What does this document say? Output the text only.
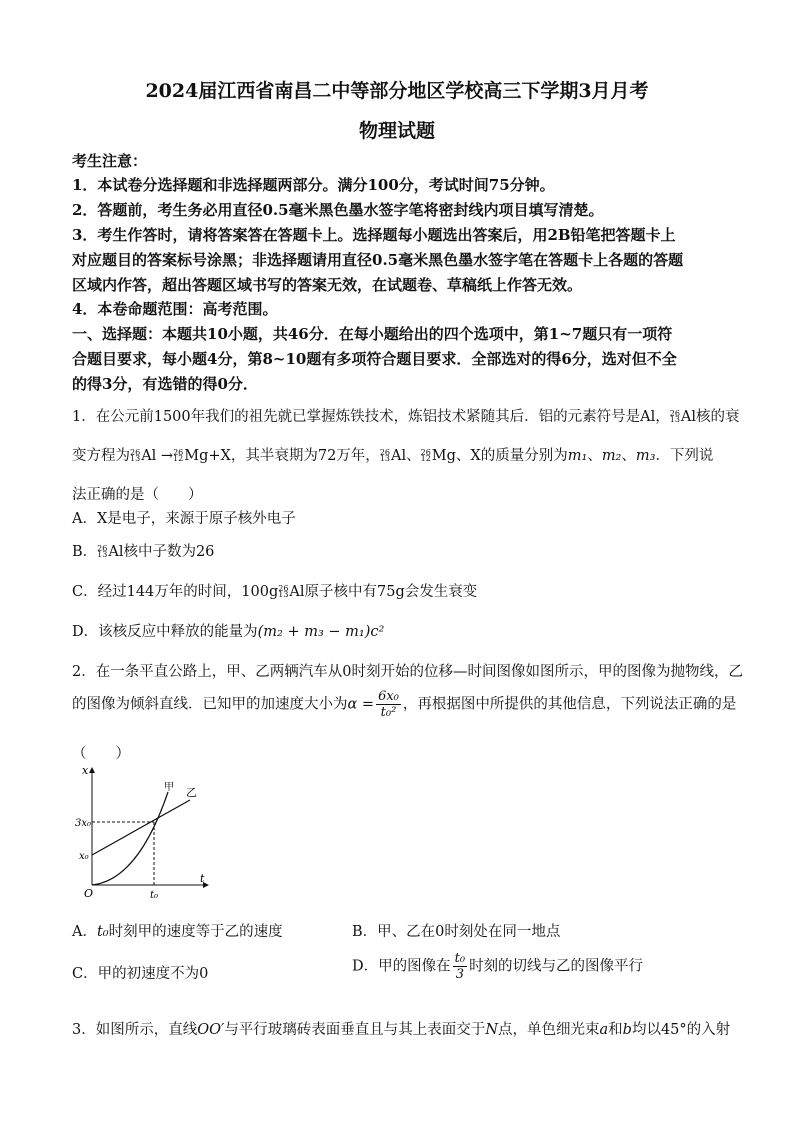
2024届江西省南昌二中等部分地区学校高三下学期3月月考
物理试题
考生注意：
1．本试卷分选择题和非选择题两部分。满分100分，考试时间75分钟。
2．答题前，考生务必用直径0.5毫米黑色墨水签字笔将密封线内项目填写清楚。
3．考生作答时，请将答案答在答题卡上。选择题每小题选出答案后，用2B铅笔把答题卡上
对应题目的答案标号涂黑；非选择题请用直径0.5毫米黑色墨水签字笔在答题卡上各题的答题
区域内作答，超出答题区域书写的答案无效，在试题卷、草稿纸上作答无效。
4．本卷命题范围：高考范围。
一、选择题：本题共10小题，共46分．在每小题给出的四个选项中，第1~7题只有一项符
合题目要求，每小题4分，第8~10题有多项符合题目要求．全部选对的得6分，选对但不全
的得3分，有选错的得0分．
1．在公元前1500年我们的祖先就已掌握炼铁技术，炼铝技术紧随其后．铝的元素符号是Al， 26
13 Al核的衰
变方程为 26
13 Al → 26
12 Mg+X，其半衰期为72万年， 26
13 Al、 26
12 Mg、X的质量分别为m₁、m₂、m₃．下列说
法正确的是（　　）
A．X是电子，来源于原子核外电子
B． 26
13 Al核中子数为26
C．经过144万年的时间，100g 26
13 Al原子核中有75g会发生衰变
D．该核反应中释放的能量为(m₂ + m₃ − m₁)c²
2．在一条平直公路上，甲、乙两辆汽车从0时刻开始的位移—时间图像如图所示，甲的图像为抛物线，乙
的图像为倾斜直线．已知甲的加速度大小为$\alpha = \frac{\text{6x₀}}{\text{t₀²}}$ ，再根据图中所提供的其他信息，下列说法正确的是
（　　）
x
t
O
3x₀
x₀
t₀
甲 乙
A．t₀时刻甲的速度等于乙的速度	B．甲、乙在0时刻处在同一地点
C．甲的初速度不为0	D．甲的图像在 $\frac{\text{t₀}}{3}$ 时刻的切线与乙的图像平行
3．如图所示，直线OO′与平行玻璃砖表面垂直且与其上表面交于N点，单色细光束a和b均以45°的入射
